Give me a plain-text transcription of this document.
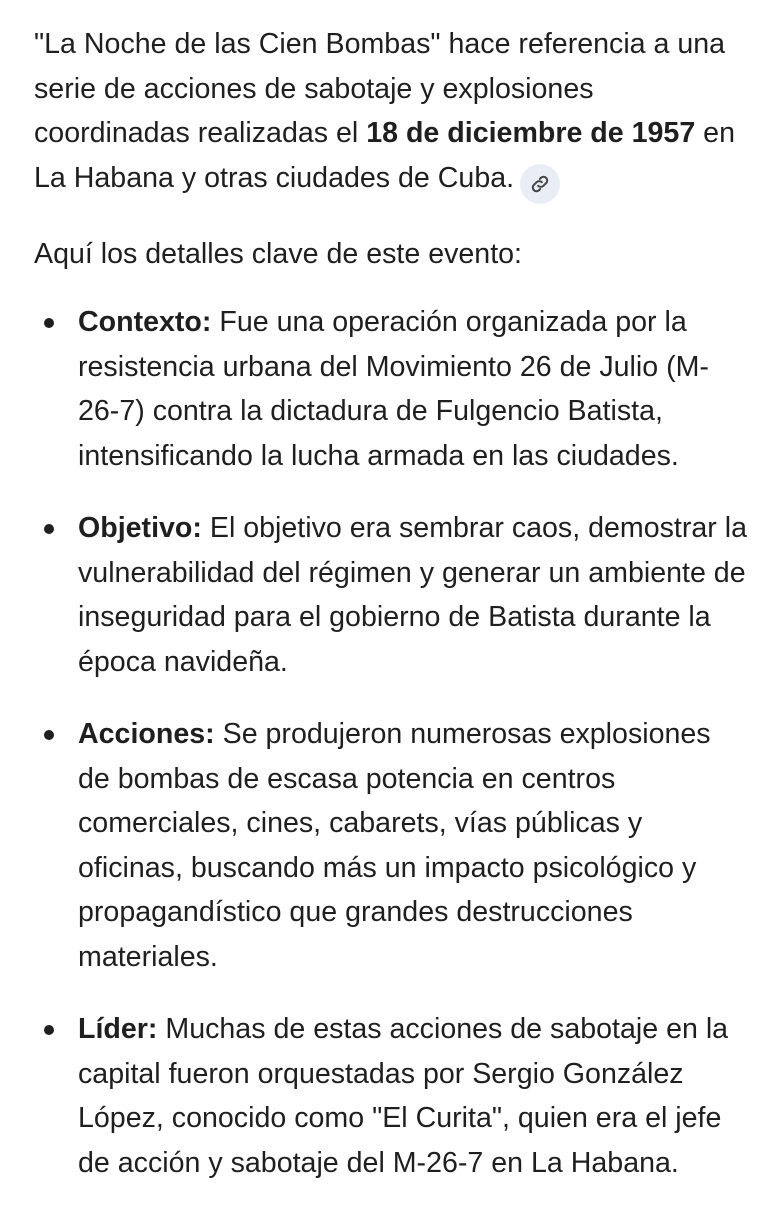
"La Noche de las Cien Bombas" hace referencia a una serie de acciones de sabotaje y explosiones coordinadas realizadas el 18 de diciembre de 1957 en La Habana y otras ciudades de Cuba.

Aquí los detalles clave de este evento:

Contexto: Fue una operación organizada por la resistencia urbana del Movimiento 26 de Julio (M-26-7) contra la dictadura de Fulgencio Batista, intensificando la lucha armada en las ciudades.
Objetivo: El objetivo era sembrar caos, demostrar la vulnerabilidad del régimen y generar un ambiente de inseguridad para el gobierno de Batista durante la época navideña.
Acciones: Se produjeron numerosas explosiones de bombas de escasa potencia en centros comerciales, cines, cabarets, vías públicas y oficinas, buscando más un impacto psicológico y propagandístico que grandes destrucciones materiales.
Líder: Muchas de estas acciones de sabotaje en la capital fueron orquestadas por Sergio González López, conocido como "El Curita", quien era el jefe de acción y sabotaje del M-26-7 en La Habana.
